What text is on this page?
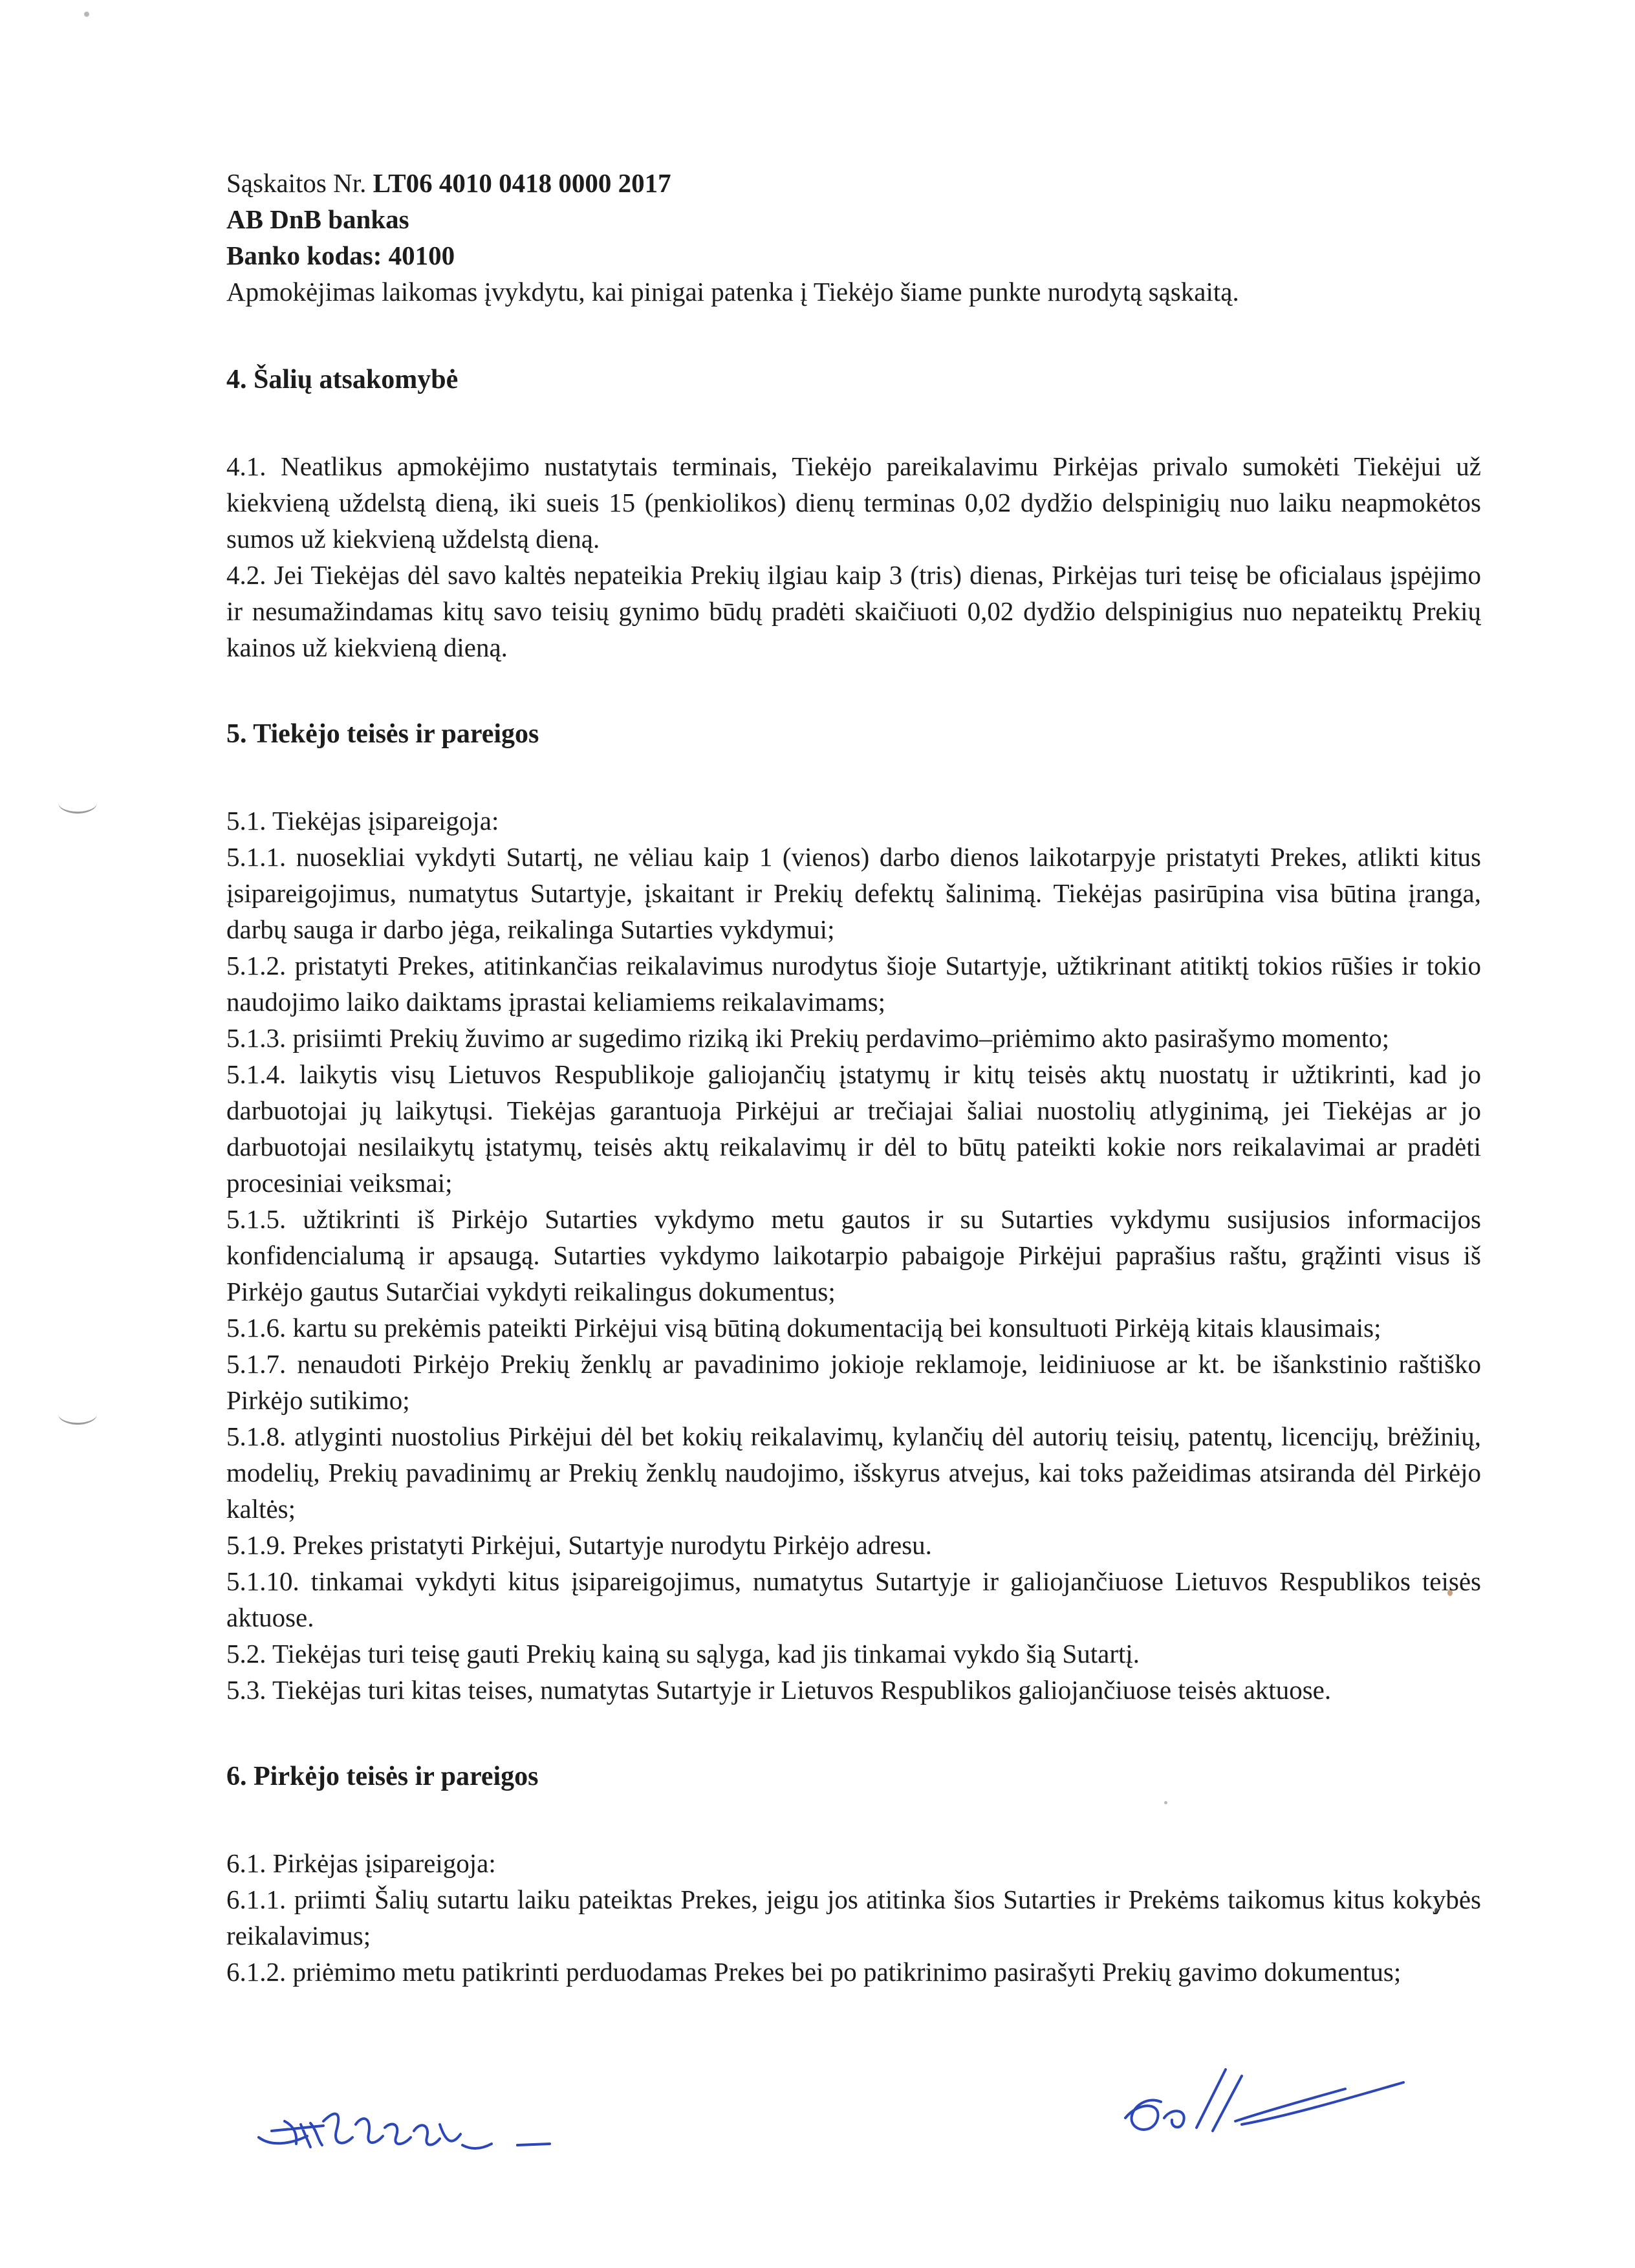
Sąskaitos Nr. LT06 4010 0418 0000 2017

AB DnB bankas

Banko kodas: 40100

Apmokėjimas laikomas įvykdytu, kai pinigai patenka į Tiekėjo šiame punkte nurodytą sąskaitą.

4. Šalių atsakomybė

4.1. Neatlikus apmokėjimo nustatytais terminais, Tiekėjo pareikalavimu Pirkėjas privalo sumokėti Tiekėjui už kiekvieną uždelstą dieną, iki sueis 15 (penkiolikos) dienų terminas 0,02 dydžio delspinigių nuo laiku neapmokėtos sumos už kiekvieną uždelstą dieną.

4.2. Jei Tiekėjas dėl savo kaltės nepateikia Prekių ilgiau kaip 3 (tris) dienas, Pirkėjas turi teisę be oficialaus įspėjimo ir nesumažindamas kitų savo teisių gynimo būdų pradėti skaičiuoti 0,02 dydžio delspinigius nuo nepateiktų Prekių kainos už kiekvieną dieną.

5. Tiekėjo teisės ir pareigos

5.1. Tiekėjas įsipareigoja:

5.1.1. nuosekliai vykdyti Sutartį, ne vėliau kaip 1 (vienos) darbo dienos laikotarpyje pristatyti Prekes, atlikti kitus įsipareigojimus, numatytus Sutartyje, įskaitant ir Prekių defektų šalinimą. Tiekėjas pasirūpina visa būtina įranga, darbų sauga ir darbo jėga, reikalinga Sutarties vykdymui;

5.1.2. pristatyti Prekes, atitinkančias reikalavimus nurodytus šioje Sutartyje, užtikrinant atitiktį tokios rūšies ir tokio naudojimo laiko daiktams įprastai keliamiems reikalavimams;

5.1.3. prisiimti Prekių žuvimo ar sugedimo riziką iki Prekių perdavimo–priėmimo akto pasirašymo momento;

5.1.4. laikytis visų Lietuvos Respublikoje galiojančių įstatymų ir kitų teisės aktų nuostatų ir užtikrinti, kad jo darbuotojai jų laikytųsi. Tiekėjas garantuoja Pirkėjui ar trečiajai šaliai nuostolių atlyginimą, jei Tiekėjas ar jo darbuotojai nesilaikytų įstatymų, teisės aktų reikalavimų ir dėl to būtų pateikti kokie nors reikalavimai ar pradėti procesiniai veiksmai;

5.1.5. užtikrinti iš Pirkėjo Sutarties vykdymo metu gautos ir su Sutarties vykdymu susijusios informacijos konfidencialumą ir apsaugą. Sutarties vykdymo laikotarpio pabaigoje Pirkėjui paprašius raštu, grąžinti visus iš Pirkėjo gautus Sutarčiai vykdyti reikalingus dokumentus;

5.1.6. kartu su prekėmis pateikti Pirkėjui visą būtiną dokumentaciją bei konsultuoti Pirkėją kitais klausimais;

5.1.7. nenaudoti Pirkėjo Prekių ženklų ar pavadinimo jokioje reklamoje, leidiniuose ar kt. be išankstinio raštiško Pirkėjo sutikimo;

5.1.8. atlyginti nuostolius Pirkėjui dėl bet kokių reikalavimų, kylančių dėl autorių teisių, patentų, licencijų, brėžinių, modelių, Prekių pavadinimų ar Prekių ženklų naudojimo, išskyrus atvejus, kai toks pažeidimas atsiranda dėl Pirkėjo kaltės;

5.1.9. Prekes pristatyti Pirkėjui, Sutartyje nurodytu Pirkėjo adresu.

5.1.10. tinkamai vykdyti kitus įsipareigojimus, numatytus Sutartyje ir galiojančiuose Lietuvos Respublikos teisės aktuose.

5.2. Tiekėjas turi teisę gauti Prekių kainą su sąlyga, kad jis tinkamai vykdo šią Sutartį.

5.3. Tiekėjas turi kitas teises, numatytas Sutartyje ir Lietuvos Respublikos galiojančiuose teisės aktuose.

6. Pirkėjo teisės ir pareigos

6.1. Pirkėjas įsipareigoja:

6.1.1. priimti Šalių sutartu laiku pateiktas Prekes, jeigu jos atitinka šios Sutarties ir Prekėms taikomus kitus kokybės reikalavimus;

6.1.2. priėmimo metu patikrinti perduodamas Prekes bei po patikrinimo pasirašyti Prekių gavimo dokumentus;
